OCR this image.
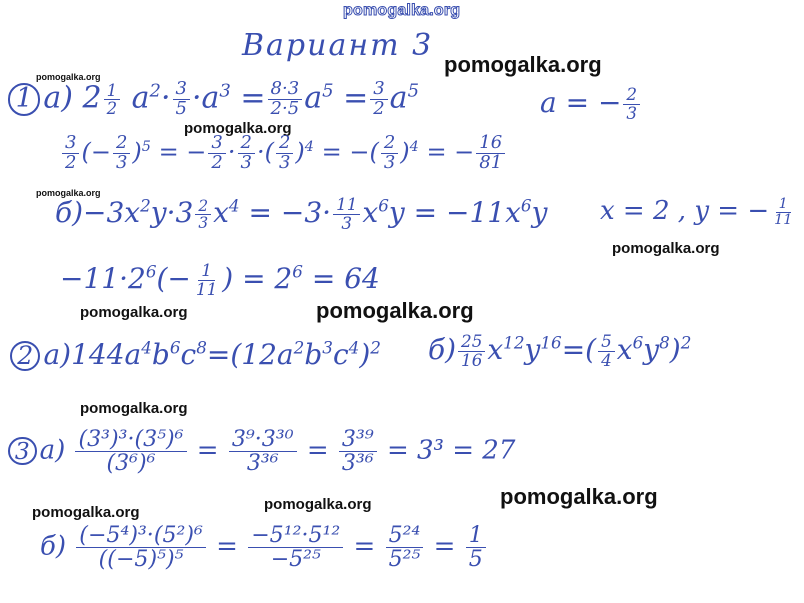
pomogalka.org
pomogalka.org
pomogalka.org
pomogalka.org
pomogalka.org
pomogalka.org
pomogalka.org	pomogalka.org
pomogalka.org
pomogalka.org
pomogalka.org
pomogalka.org
Вариант 3
1 а) $2 \frac{1}{2} a^2\cdot \frac{3}{5} \cdot a^3 = \frac{8\cdot 3}{2\cdot 5} a^5 = \frac{3}{2} a^5$	a = − $\frac{2}{3}$
$\frac{3}{2}$ (− $\frac{2}{3} )^5$ = − $\frac{3}{2} \cdot \frac{2}{3}$ ·( $\frac{2}{3} )^4$ = −( $\frac{2}{3} )^4$ = − $\frac{16}{81}$
$б)-3x^2y\cdot 3 \frac{2}{3} x^4 = -3\cdot \frac{11}{3} x^6y = -11x^6y$ x = 2 , y = − $\frac{1}{11}$
$-11\cdot 2^6(- \frac{1}{11}$ ) = $2^6 = 64$
2 $а)144a^4b^6c^8=(12a^2b^3c^4)^2$ $б) \frac{25}{16} x^{12}y^{16}=( \frac{5}{4} x^6y^8)^2$
3 $а) \frac{\text{(3³)³·(3⁵)⁶}}{\text{(3⁶)⁶}} = \frac{\text{3⁹·3³⁰}}{\text{3³⁶}} = \frac{\text{3³⁹}}{\text{3³⁶}} = 3^3 = 27$
$б) \frac{\text{(−5⁴)³·(5²)⁶}}{\text{((−5)⁵)⁵}} = \frac{\text{−5¹²·5¹²}}{\text{−5²⁵}} = \frac{\text{5²⁴}}{\text{5²⁵}} = \frac{1}{5}$
